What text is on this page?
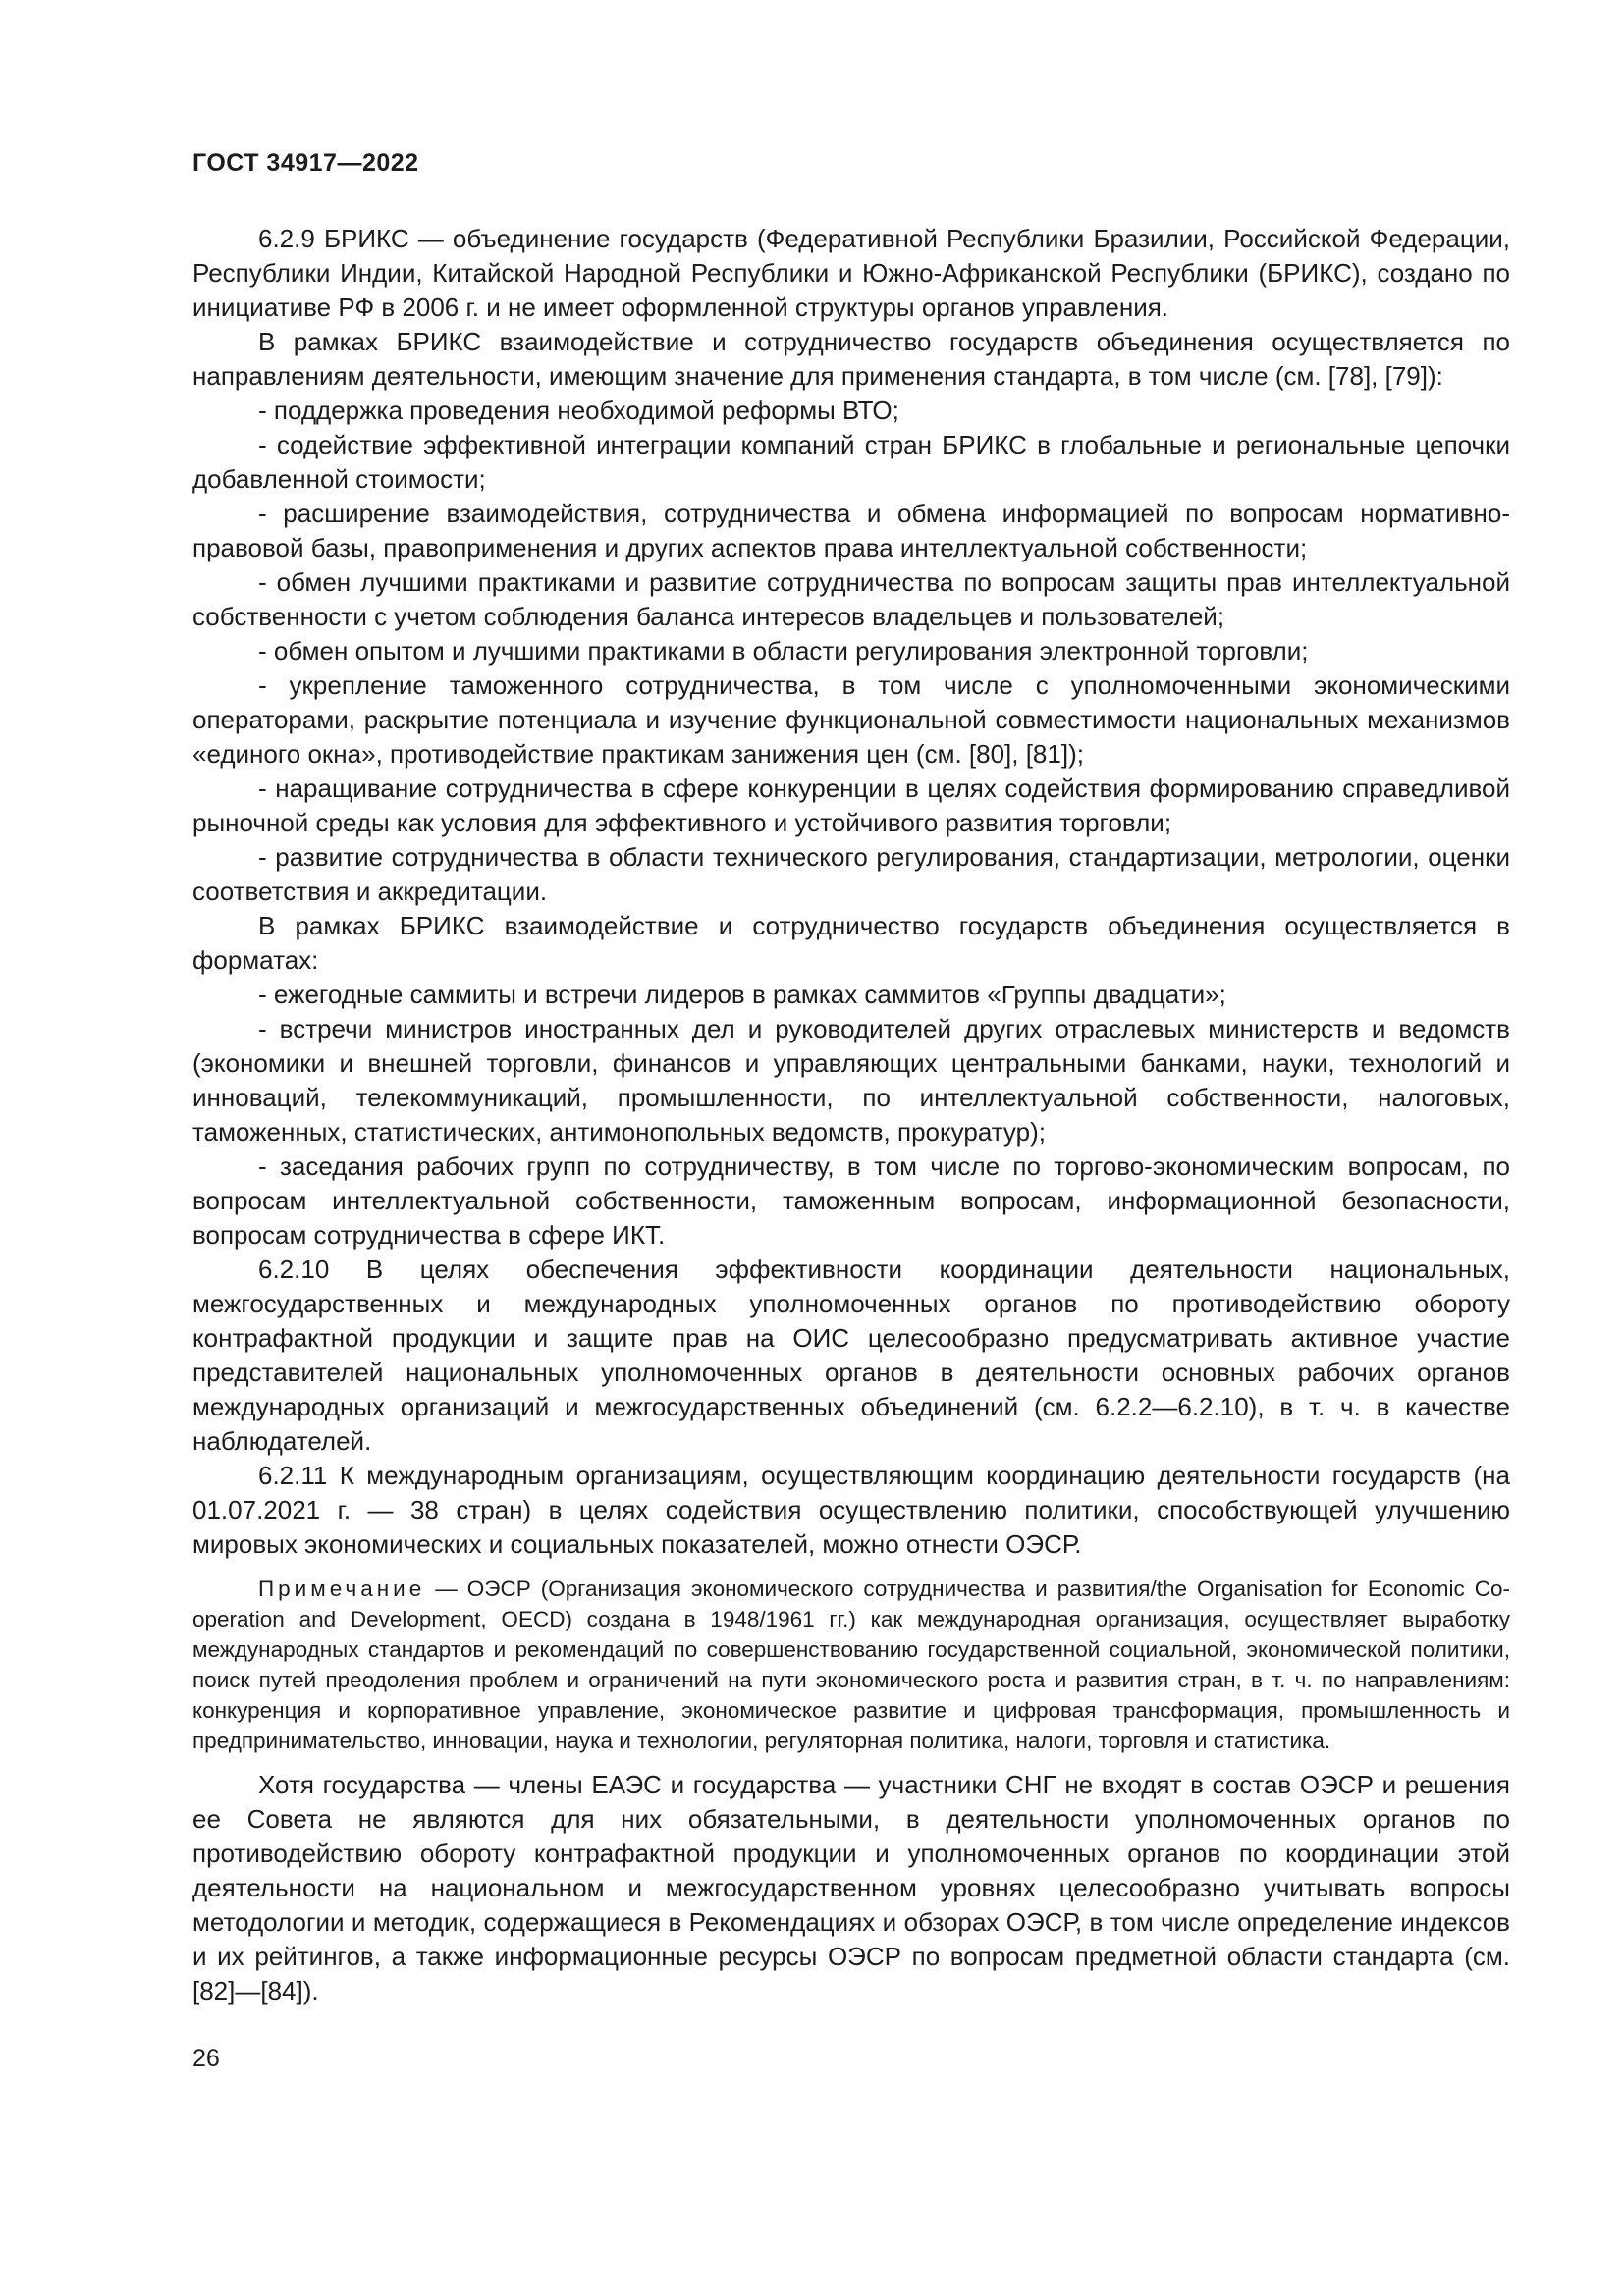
ГОСТ 34917—2022

6.2.9 БРИКС — объединение государств (Федеративной Республики Бразилии, Российской Федерации, Республики Индии, Китайской Народной Республики и Южно-Африканской Республики (БРИКС), создано по инициативе РФ в 2006 г. и не имеет оформленной структуры органов управления.

В рамках БРИКС взаимодействие и сотрудничество государств объединения осуществляется по направлениям деятельности, имеющим значение для применения стандарта, в том числе (см. [78], [79]):

- поддержка проведения необходимой реформы ВТО;

- содействие эффективной интеграции компаний стран БРИКС в глобальные и региональные цепочки добавленной стоимости;

- расширение взаимодействия, сотрудничества и обмена информацией по вопросам нормативно-правовой базы, правоприменения и других аспектов права интеллектуальной собственности;

- обмен лучшими практиками и развитие сотрудничества по вопросам защиты прав интеллектуальной собственности с учетом соблюдения баланса интересов владельцев и пользователей;

- обмен опытом и лучшими практиками в области регулирования электронной торговли;

- укрепление таможенного сотрудничества, в том числе с уполномоченными экономическими операторами, раскрытие потенциала и изучение функциональной совместимости национальных механизмов «единого окна», противодействие практикам занижения цен (см. [80], [81]);

- наращивание сотрудничества в сфере конкуренции в целях содействия формированию справедливой рыночной среды как условия для эффективного и устойчивого развития торговли;

- развитие сотрудничества в области технического регулирования, стандартизации, метрологии, оценки соответствия и аккредитации.

В рамках БРИКС взаимодействие и сотрудничество государств объединения осуществляется в форматах:

- ежегодные саммиты и встречи лидеров в рамках саммитов «Группы двадцати»;

- встречи министров иностранных дел и руководителей других отраслевых министерств и ведомств (экономики и внешней торговли, финансов и управляющих центральными банками, науки, технологий и инноваций, телекоммуникаций, промышленности, по интеллектуальной собственности, налоговых, таможенных, статистических, антимонопольных ведомств, прокуратур);

- заседания рабочих групп по сотрудничеству, в том числе по торгово-экономическим вопросам, по вопросам интеллектуальной собственности, таможенным вопросам, информационной безопасности, вопросам сотрудничества в сфере ИКТ.

6.2.10 В целях обеспечения эффективности координации деятельности национальных, межгосударственных и международных уполномоченных органов по противодействию обороту контрафактной продукции и защите прав на ОИС целесообразно предусматривать активное участие представителей национальных уполномоченных органов в деятельности основных рабочих органов международных организаций и межгосударственных объединений (см. 6.2.2—6.2.10), в т. ч. в качестве наблюдателей.

6.2.11 К международным организациям, осуществляющим координацию деятельности государств (на 01.07.2021 г. — 38 стран) в целях содействия осуществлению политики, способствующей улучшению мировых экономических и социальных показателей, можно отнести ОЭСР.

Примечание — ОЭСР (Организация экономического сотрудничества и развития/the Organisation for Economic Co-operation and Development, OECD) создана в 1948/1961 гг.) как международная организация, осуществляет выработку международных стандартов и рекомендаций по совершенствованию государственной социальной, экономической политики, поиск путей преодоления проблем и ограничений на пути экономического роста и развития стран, в т. ч. по направлениям: конкуренция и корпоративное управление, экономическое развитие и цифровая трансформация, промышленность и предпринимательство, инновации, наука и технологии, регуляторная политика, налоги, торговля и статистика.

Хотя государства — члены ЕАЭС и государства — участники СНГ не входят в состав ОЭСР и решения ее Совета не являются для них обязательными, в деятельности уполномоченных органов по противодействию обороту контрафактной продукции и уполномоченных органов по координации этой деятельности на национальном и межгосударственном уровнях целесообразно учитывать вопросы методологии и методик, содержащиеся в Рекомендациях и обзорах ОЭСР, в том числе определение индексов и их рейтингов, а также информационные ресурсы ОЭСР по вопросам предметной области стандарта (см. [82]—[84]).

26
